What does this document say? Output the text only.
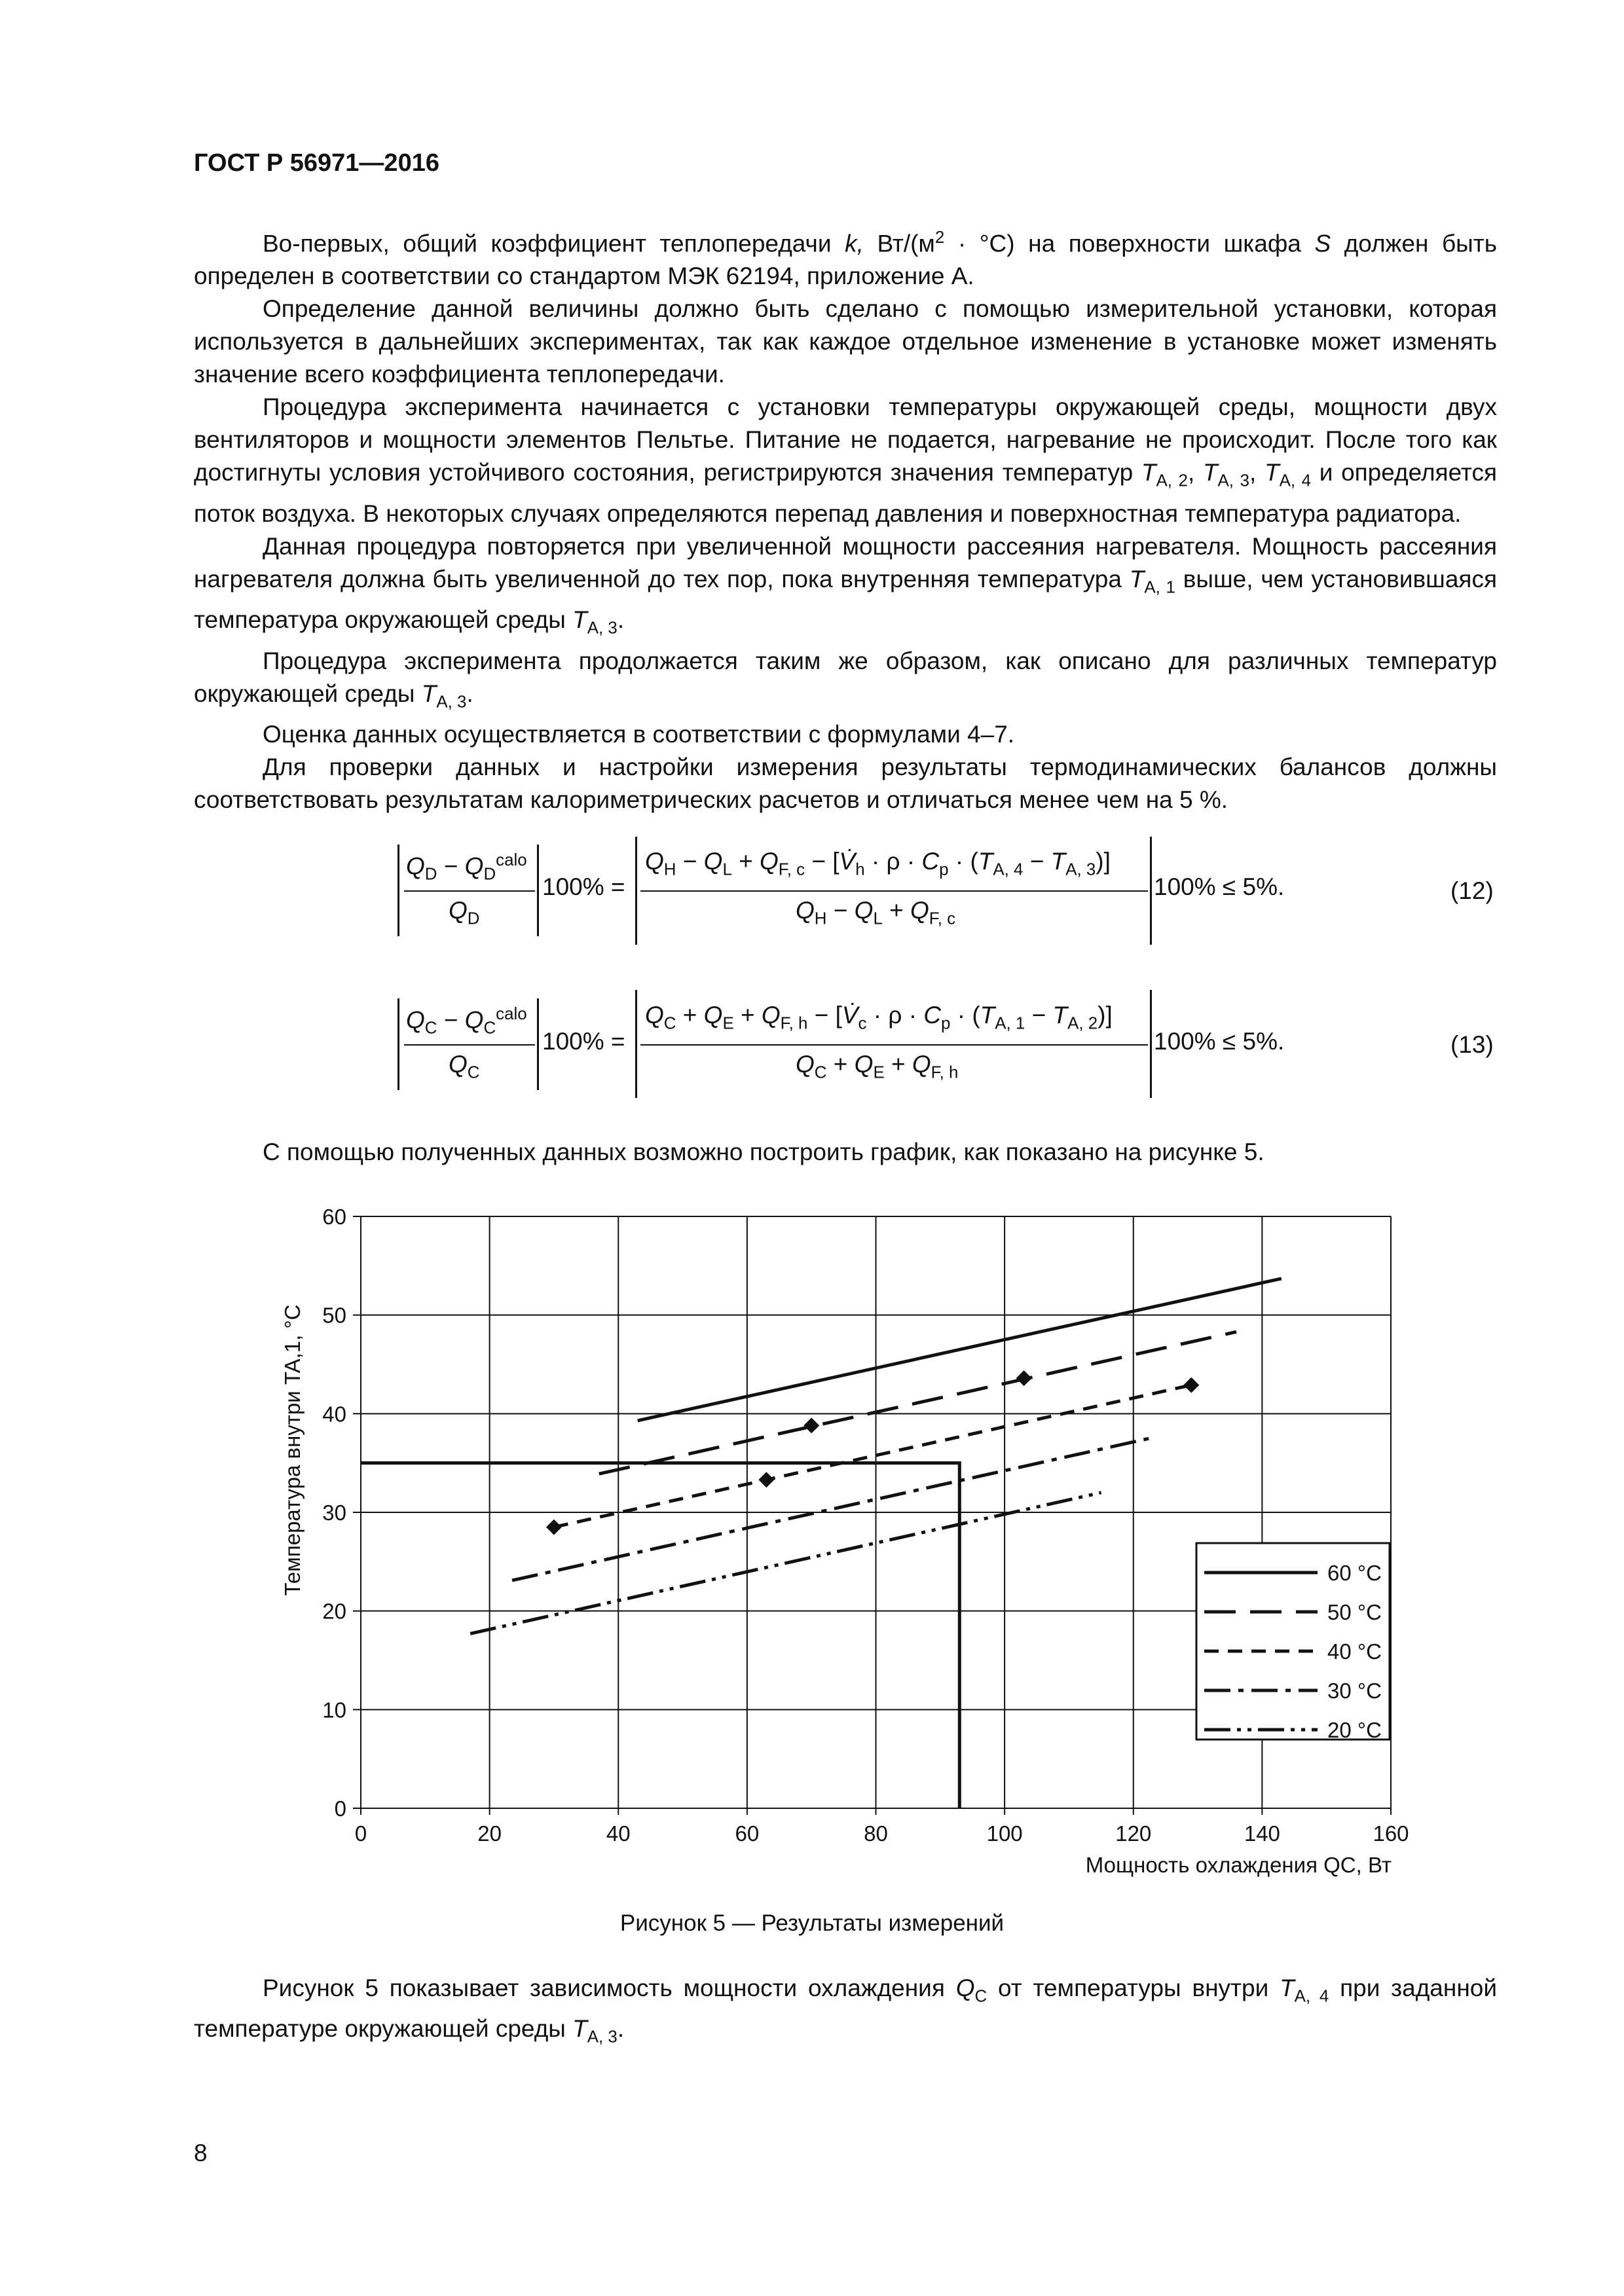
ГОСТ Р 56971—2016

Во-первых, общий коэффициент теплопередачи k, $Вт/(м^2 \cdot ^\circ С)$ на поверхности шкафа S должен быть определен в соответствии со стандартом МЭК 62194, приложение А.

Определение данной величины должно быть сделано с помощью измерительной установки, которая используется в дальнейших экспериментах, так как каждое отдельное изменение в установке может изменять значение всего коэффициента теплопередачи.

Процедура эксперимента начинается с установки температуры окружающей среды, мощности двух вентиляторов и мощности элементов Пельтье. Питание не подается, нагревание не происходит. После того как достигнуты условия устойчивого состояния, регистрируются значения температур $T_{A, 2}$, $T_{A, 3}$, $T_{A, 4}$ и определяется поток воздуха. В некоторых случаях определяются перепад давления и поверхностная температура радиатора.

Данная процедура повторяется при увеличенной мощности рассеяния нагревателя. Мощность рассеяния нагревателя должна быть увеличенной до тех пор, пока внутренняя температура $T_{A, 1}$ выше, чем установившаяся температура окружающей среды $T_{A, 3}$.

Процедура эксперимента продолжается таким же образом, как описано для различных температур окружающей среды $T_{A, 3}$.

Оценка данных осуществляется в соответствии с формулами 4–7.

Для проверки данных и настройки измерения результаты термодинамических балансов должны соответствовать результатам калориметрических расчетов и отличаться менее чем на 5 %.

$Q_D - Q_D^{calo}$
$Q_D$
100% =
$Q_H - Q_L + Q_{F, c}$ − $[V̇_h \cdot \rho \cdot C_p \cdot (T_{A, 4} - T_{A, 3})]$
$Q_H - Q_L + Q_{F, c}$
100% ≤ 5%.	(12)
$Q_C - Q_C^{calo}$
$Q_C$
100% =
$Q_C + Q_E + Q_{F, h}$ − $[V̇_c \cdot \rho \cdot C_p \cdot (T_{A, 1} - T_{A, 2})]$
$Q_C + Q_E + Q_{F, h}$
100% ≤ 5%.	(13)
С помощью полученных данных возможно построить график, как показано на рисунке 5.
0	20	40	60	80	100	120	140	160
0
10
20
30
40
50
60
60 °С
50 °С
40 °С
30 °С
20 °С
Мощность охлаждения QC, Вт
Температура внутри TA,1, °С
Рисунок 5 — Результаты измерений

Рисунок 5 показывает зависимость мощности охлаждения $Q_C$ от температуры внутри $T_{A, 4}$ при заданной температуре окружающей среды $T_{A, 3}$.

8
